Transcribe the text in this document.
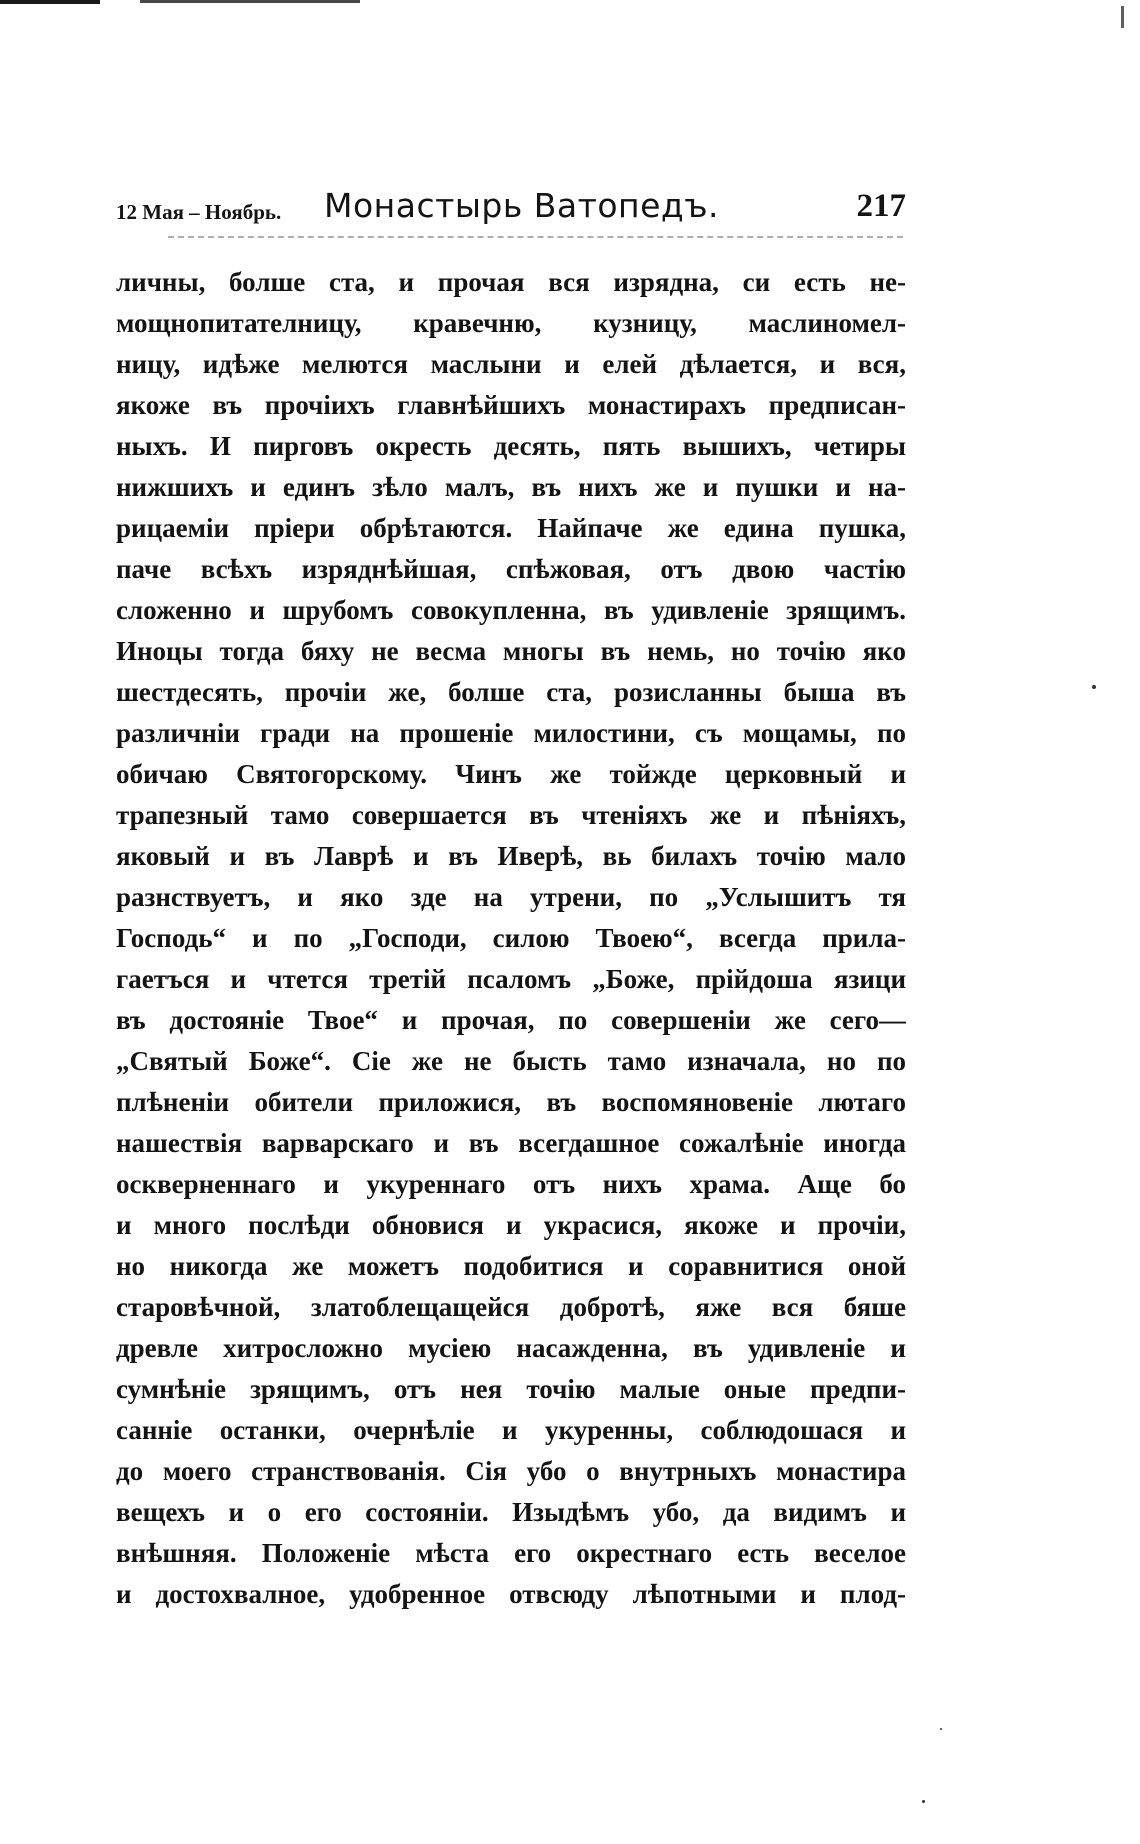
12 Мая – Ноябрь. Монастырь Ватопедъ.	217
личны, болше ста, и прочая вся изрядна, си есть не-
мощнопитателницу, кравечню, кузницу, маслиномел-
ницу, идѣже мелются маслыни и елей дѣлается, и вся,
якоже въ прочіихъ главнѣйшихъ монастирахъ предписан-
ныхъ. И пирговъ окресть десять, пять вышихъ, четиры
нижшихъ и единъ зѣло малъ, въ нихъ же и пушки и на-
рицаемiи прiери обрѣтаются. Найпаче же едина пушка,
паче всѣхъ изряднѣйшая, спѣжовая, отъ двою частiю
сложенно и шрубомъ совокупленна, въ удивленiе зрящимъ.
Иноцы тогда бяху не весма многы въ немь, но точiю яко
шестдесять, прочiи же, болше ста, розисланны быша въ
различнiи гради на прошенiе милостини, съ мощамы, по
обичаю Святогорскому. Чинъ же тойжде церковный и
трапезный тамо совершается въ чтенiяхъ же и пѣнiяхъ,
яковый и въ Лаврѣ и въ Иверѣ, вь билахъ точiю мало
разнствуетъ, и яко зде на утрени, по „Услышитъ тя
Господь“ и по „Господи, силою Твоею“, всегда прила-
гаетъся и чтется третiй псаломъ „Боже, прiйдоша язици
въ достоянiе Твое“ и прочая, по совершенiи же сего—
„Святый Боже“. Сiе же не бысть тамо изначала, но по
плѣненiи обители приложися, въ воспомяновенiе лютаго
нашествiя варварскаго и въ всегдашное сожалѣнiе иногда
оскверненнаго и укуреннаго отъ нихъ храма. Аще бо
и много послѣди обновися и украсися, якоже и прочiи,
но никогда же можетъ подобитися и соравнитися оной
старовѣчной, златоблещащейся добротѣ, яже вся бяше
древле хитросложно мусiею насажденна, въ удивленiе и
сумнѣнiе зрящимъ, отъ нея точiю малые оные предпи-
санніе останки, очернѣлiе и укуренны, соблюдошася и
до моего странствованiя. Сiя убо о внутрныхъ монастира
вещехъ и о его состоянiи. Изыдѣмъ убо, да видимъ и
внѣшняя. Положенiе мѣста его окрестнаго есть веселое
и достохвалное, удобренное отвсюду лѣпотными и плод-
